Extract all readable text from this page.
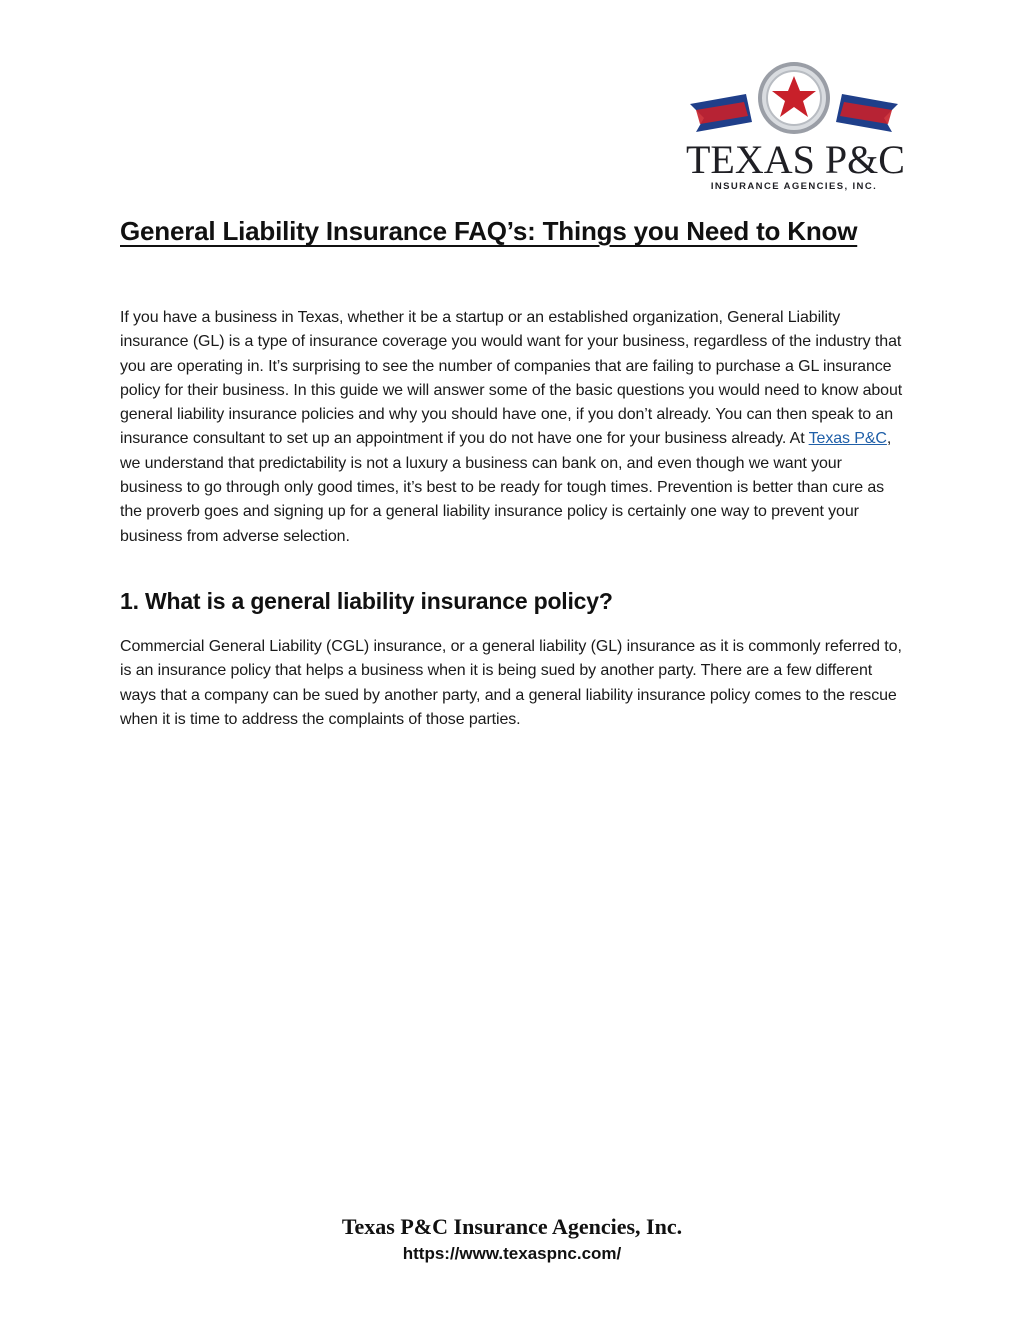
TEXAS P&C
INSURANCE AGENCIES, INC.
General Liability Insurance FAQ’s: Things you Need to Know

If you have a business in Texas, whether it be a startup or an established organization, General Liability insurance (GL) is a type of insurance coverage you would want for your business, regardless of the industry that you are operating in. It’s surprising to see the number of companies that are failing to purchase a GL insurance policy for their business. In this guide we will answer some of the basic questions you would need to know about general liability insurance policies and why you should have one, if you don’t already. You can then speak to an insurance consultant to set up an appointment if you do not have one for your business already. At Texas P&C, we understand that predictability is not a luxury a business can bank on, and even though we want your business to go through only good times, it’s best to be ready for tough times. Prevention is better than cure as the proverb goes and signing up for a general liability insurance policy is certainly one way to prevent your business from adverse selection.

1. What is a general liability insurance policy?

Commercial General Liability (CGL) insurance, or a general liability (GL) insurance as it is commonly referred to, is an insurance policy that helps a business when it is being sued by another party. There are a few different ways that a company can be sued by another party, and a general liability insurance policy comes to the rescue when it is time to address the complaints of those parties.

Texas P&C Insurance Agencies, Inc.
https://www.texaspnc.com/
